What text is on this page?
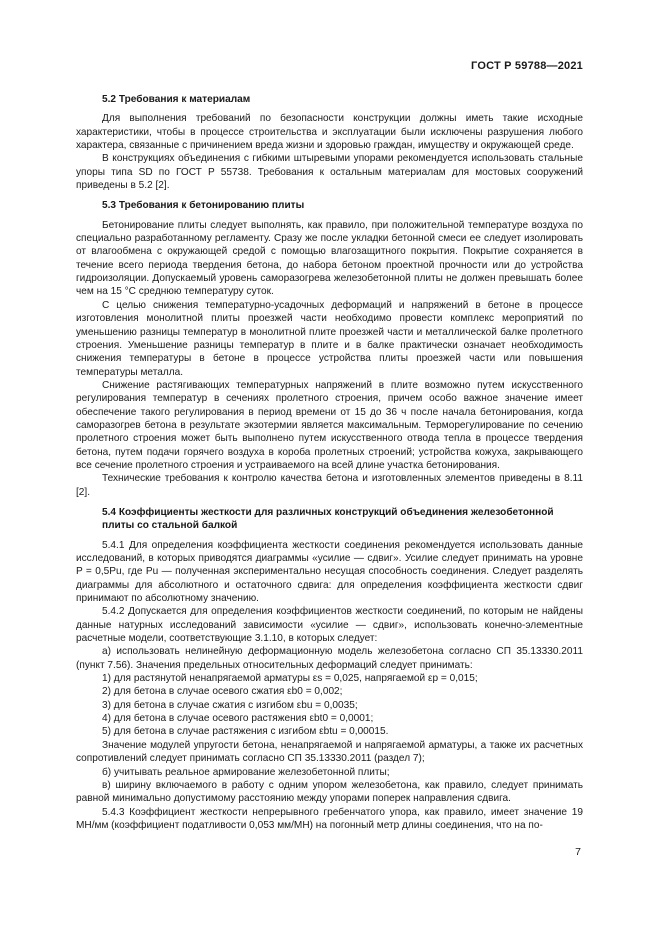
ГОСТ Р 59788—2021
5.2 Требования к материалам

Для выполнения требований по безопасности конструкции должны иметь такие исходные характеристики, чтобы в процессе строительства и эксплуатации были исключены разрушения любого характера, связанные с причинением вреда жизни и здоровью граждан, имуществу и окружающей среде.

В конструкциях объединения с гибкими штыревыми упорами рекомендуется использовать стальные упоры типа SD по ГОСТ Р 55738. Требования к остальным материалам для мостовых сооружений приведены в 5.2 [2].

5.3 Требования к бетонированию плиты

Бетонирование плиты следует выполнять, как правило, при положительной температуре воздуха по специально разработанному регламенту. Сразу же после укладки бетонной смеси ее следует изолировать от влагообмена с окружающей средой с помощью влагозащитного покрытия. Покрытие сохраняется в течение всего периода твердения бетона, до набора бетоном проектной прочности или до устройства гидроизоляции. Допускаемый уровень саморазогрева железобетонной плиты не должен превышать более чем на 15 °С среднюю температуру суток.

С целью снижения температурно-усадочных деформаций и напряжений в бетоне в процессе изготовления монолитной плиты проезжей части необходимо провести комплекс мероприятий по уменьшению разницы температур в монолитной плите проезжей части и металлической балке пролетного строения. Уменьшение разницы температур в плите и в балке практически означает необходимость снижения температуры в бетоне в процессе устройства плиты проезжей части или повышения температуры металла.

Снижение растягивающих температурных напряжений в плите возможно путем искусственного регулирования температур в сечениях пролетного строения, причем особо важное значение имеет обеспечение такого регулирования в период времени от 15 до 36 ч после начала бетонирования, когда саморазогрев бетона в результате экзотермии является максимальным. Терморегулирование по сечению пролетного строения может быть выполнено путем искусственного отвода тепла в процессе твердения бетона, путем подачи горячего воздуха в короба пролетных строений; устройства кожуха, закрывающего все сечение пролетного строения и устраиваемого на всей длине участка бетонирования.

Технические требования к контролю качества бетона и изготовленных элементов приведены в 8.11 [2].

5.4 Коэффициенты жесткости для различных конструкций объединения железобетонной плиты со стальной балкой

5.4.1 Для определения коэффициента жесткости соединения рекомендуется использовать данные исследований, в которых приводятся диаграммы «усилие — сдвиг». Усилие следует принимать на уровне P = 0,5Pu, где Pu — полученная экспериментально несущая способность соединения. Следует разделять диаграммы для абсолютного и остаточного сдвига: для определения коэффициента жесткости сдвиг принимают по абсолютному значению.

5.4.2 Допускается для определения коэффициентов жесткости соединений, по которым не найдены данные натурных исследований зависимости «усилие — сдвиг», использовать конечно-элементные расчетные модели, соответствующие 3.1.10, в которых следует:

а) использовать нелинейную деформационную модель железобетона согласно СП 35.13330.2011 (пункт 7.56). Значения предельных относительных деформаций следует принимать:

1) для растянутой ненапрягаемой арматуры εs = 0,025, напрягаемой εp = 0,015;

2) для бетона в случае осевого сжатия εb0 = 0,002;

3) для бетона в случае сжатия с изгибом εbu = 0,0035;

4) для бетона в случае осевого растяжения εbt0 = 0,0001;

5) для бетона в случае растяжения с изгибом εbtu = 0,00015.

Значение модулей упругости бетона, ненапрягаемой и напрягаемой арматуры, а также их расчетных сопротивлений следует принимать согласно СП 35.13330.2011 (раздел 7);

б) учитывать реальное армирование железобетонной плиты;

в) ширину включаемого в работу с одним упором железобетона, как правило, следует принимать равной минимально допустимому расстоянию между упорами поперек направления сдвига.

5.4.3 Коэффициент жесткости непрерывного гребенчатого упора, как правило, имеет значение 19 МН/мм (коэффициент податливости 0,053 мм/МН) на погонный метр длины соединения, что на по-

7
